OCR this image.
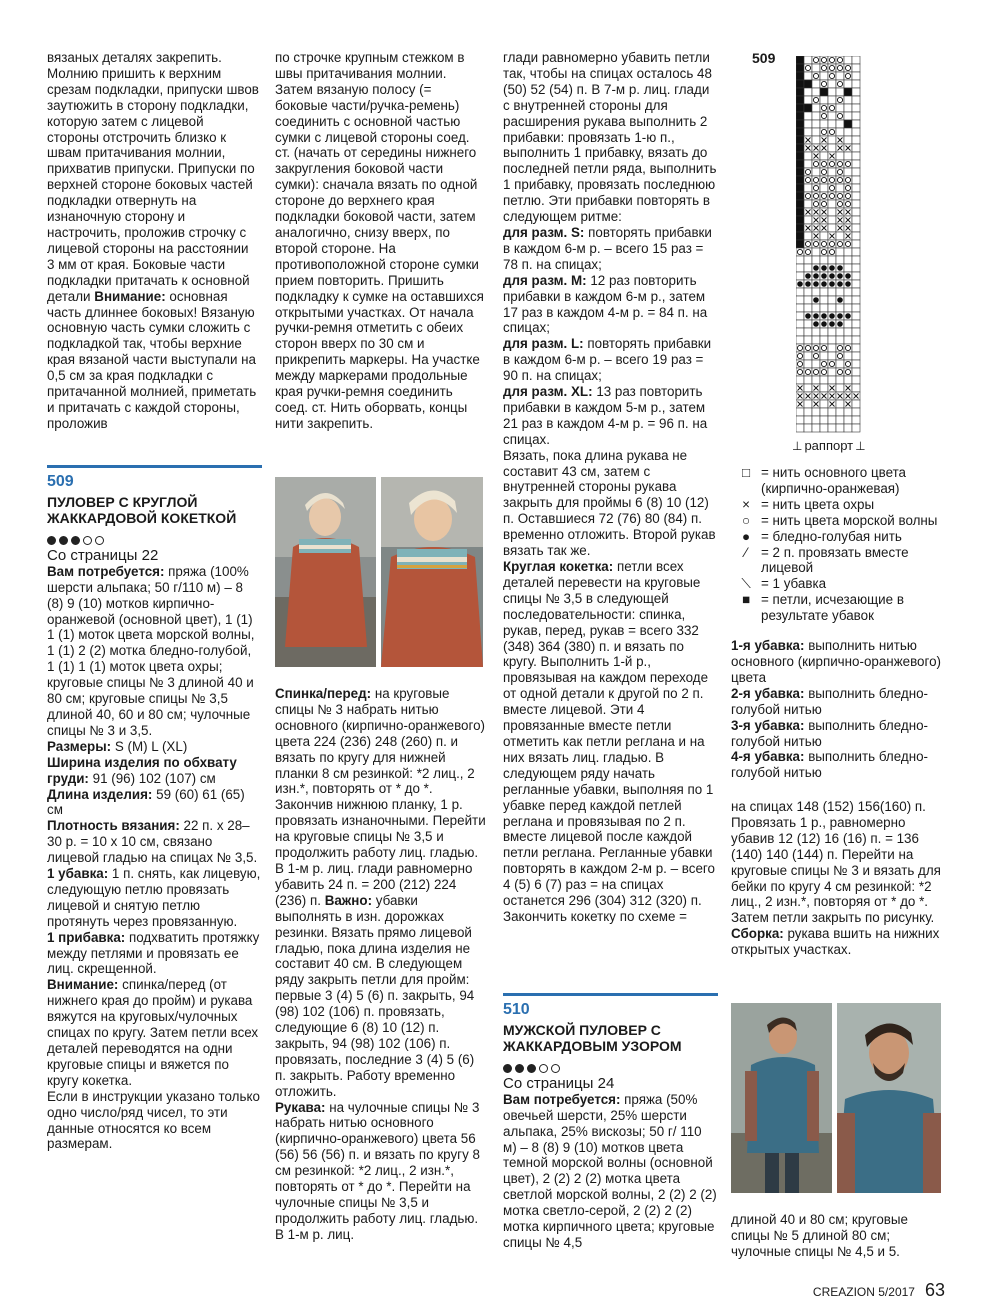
вязаных деталях закрепить. Молнию пришить к верхним срезам подкладки, припуски швов заутюжить в сторону подкладки, которую затем с лицевой стороны отстрочить близко к швам притачивания молнии, прихватив припуски. Припуски по верхней стороне боковых частей подкладки отвернуть на изнаночную сторону и настрочить, проложив строчку с лицевой стороны на расстоянии 3 мм от края. Боковые части подкладки притачать к основной детали Внимание: основная часть длиннее боковых! Вязаную основную часть сумки сложить с подкладкой так, чтобы верхние края вязаной части выступали на 0,5 см за края подкладки с притачанной молнией, приметать и притачать с каждой стороны, проложив

509
ПУЛОВЕР С КРУГЛОЙ ЖАККАРДОВОЙ КОКЕТКОЙ
Со страницы 22

Вам потребуется: пряжа (100% шерсти альпака; 50 г/110 м) – 8 (8) 9 (10) мотков кирпично-оранжевой (основной цвет), 1 (1) 1 (1) моток цвета морской волны, 1 (1) 2 (2) мотка бледно-голубой, 1 (1) 1 (1) моток цвета охры; круговые спицы № 3 длиной 40 и 80 см; круговые спицы № 3,5 длиной 40, 60 и 80 см; чулочные спицы № 3 и 3,5.

Размеры: S (M) L (XL)

Ширина изделия по обхвату груди: 91 (96) 102 (107) см

Длина изделия: 59 (60) 61 (65) см

Плотность вязания: 22 п. х 28–30 р. = 10 х 10 см, связано лицевой гладью на спицах № 3,5.

1 убавка: 1 п. снять, как лицевую, следующую петлю провязать лицевой и снятую петлю протянуть через провязанную.

1 прибавка: подхватить протяжку между петлями и провязать ее лиц. скрещенной.

Внимание: спинка/перед (от нижнего края до пройм) и рукава вяжутся на круговых/чулочных спицах по кругу. Затем петли всех деталей переводятся на одни круговые спицы и вяжется по кругу кокетка.

Если в инструкции указано только одно число/ряд чисел, то эти данные относятся ко всем размерам.

по строчке крупным стежком в швы притачивания молнии. Затем вязаную полосу (= боковые части/ручка-ремень) соединить с основной частью сумки с лицевой стороны соед. ст. (начать от середины нижнего закругления боковой части сумки): сначала вязать по одной стороне до верхнего края подкладки боковой части, затем аналогично, снизу вверх, по второй стороне. На противоположной стороне сумки прием повторить. Пришить подкладку к сумке на оставшихся открытыми участках. От начала ручки-ремня отметить с обеих сторон вверх по 30 см и прикрепить маркеры. На участке между маркерами продольные края ручки-ремня соединить соед. ст. Нить оборвать, концы нити закрепить.

Спинка/перед: на круговые спицы № 3 набрать нитью основного (кирпично-оранжевого) цвета 224 (236) 248 (260) п. и вязать по кругу для нижней планки 8 см резинкой: *2 лиц., 2 изн.*, повторять от * до *. Закончив нижнюю планку, 1 р. провязать изнаночными. Перейти на круговые спицы № 3,5 и продолжить работу лиц. гладью. В 1-м р. лиц. глади равномерно убавить 24 п. = 200 (212) 224 (236) п. Важно: убавки выполнять в изн. дорожках резинки. Вязать прямо лицевой гладью, пока длина изделия не составит 40 см. В следующем ряду закрыть петли для пройм: первые 3 (4) 5 (6) п. закрыть, 94 (98) 102 (106) п. провязать, следующие 6 (8) 10 (12) п. закрыть, 94 (98) 102 (106) п. провязать, последние 3 (4) 5 (6) п. закрыть. Работу временно отложить.

Рукава: на чулочные спицы № 3 набрать нитью основного (кирпично-оранжевого) цвета 56 (56) 56 (56) п. и вязать по кругу 8 см резинкой: *2 лиц., 2 изн.*, повторять от * до *. Перейти на чулочные спицы № 3,5 и продолжить работу лиц. гладью. В 1-м р. лиц.

глади равномерно убавить петли так, чтобы на спицах осталось 48 (50) 52 (54) п. В 7-м р. лиц. глади с внутренней стороны для расширения рукава выполнить 2 прибавки: провязать 1-ю п., выполнить 1 прибавку, вязать до последней петли ряда, выполнить 1 прибавку, провязать последнюю петлю. Эти прибавки повторять в следующем ритме:

для разм. S: повторять прибавки в каждом 6-м р. – всего 15 раз = 78 п. на спицах;

для разм. M: 12 раз повторить прибавки в каждом 6-м р., затем 17 раз в каждом 4-м р. = 84 п. на спицах;

для разм. L: повторять прибавки в каждом 6-м р. – всего 19 раз = 90 п. на спицах;

для разм. XL: 13 раз повторить прибавки в каждом 5-м р., затем 21 раз в каждом 4-м р. = 96 п. на спицах.

Вязать, пока длина рукава не составит 43 см, затем с внутренней стороны рукава закрыть для проймы 6 (8) 10 (12) п. Оставшиеся 72 (76) 80 (84) п. временно отложить. Второй рукав вязать так же.

Круглая кокетка: петли всех деталей перевести на круговые спицы № 3,5 в следующей последовательности: спинка, рукав, перед, рукав = всего 332 (348) 364 (380) п. и вязать по кругу. Выполнить 1-й р., провязывая на каждом переходе от одной детали к другой по 2 п. вместе лицевой. Эти 4 провязанные вместе петли отметить как петли реглана и на них вязать лиц. гладью. В следующем ряду начать регланные убавки, выполняя по 1 убавке перед каждой петлей реглана и провязывая по 2 п. вместе лицевой после каждой петли реглана. Регланные убавки повторять в каждом 2-м р. – всего 4 (5) 6 (7) раз = на спицах останется 296 (304) 312 (320) п. Закончить кокетку по схеме =

510
МУЖСКОЙ ПУЛОВЕР С ЖАККАРДОВЫМ УЗОРОМ
Со страницы 24

Вам потребуется: пряжа (50% овечьей шерсти, 25% шерсти альпака, 25% вискозы; 50 г/ 110 м) – 8 (8) 9 (10) мотков цвета темной морской волны (основной цвет), 2 (2) 2 (2) мотка цвета светлой морской волны, 2 (2) 2 (2) мотка светло-серой, 2 (2) 2 (2) мотка кирпичного цвета; круговые спицы № 4,5

509
⊥ раппорт ⊥
□ = нить основного цвета (кирпично-оранжевая)
× = нить цвета охры
○ = нить цвета морской волны
● = бледно-голубая нить
⁄	= 2 п. провязать вместе лицевой
⟍ = 1 убавка
■ = петли, исчезающие в результате убавок

1-я убавка: выполнить нитью основного (кирпично-оранжевого) цвета

2-я убавка: выполнить бледно-голубой нитью

3-я убавка: выполнить бледно-голубой нитью

4-я убавка: выполнить бледно-голубой нитью

на спицах 148 (152) 156(160) п. Провязать 1 р., равномерно убавив 12 (12) 16 (16) п. = 136 (140) 140 (144) п. Перейти на круговые спицы № 3 и вязать для бейки по кругу 4 см резинкой: *2 лиц., 2 изн.*, повторяя от * до *. Затем петли закрыть по рисунку.

Сборка: рукава вшить на нижних открытых участках.

длиной 40 и 80 см; круговые спицы № 5 длиной 80 см; чулочные спицы № 4,5 и 5.

CREAZION 5/2017 63
